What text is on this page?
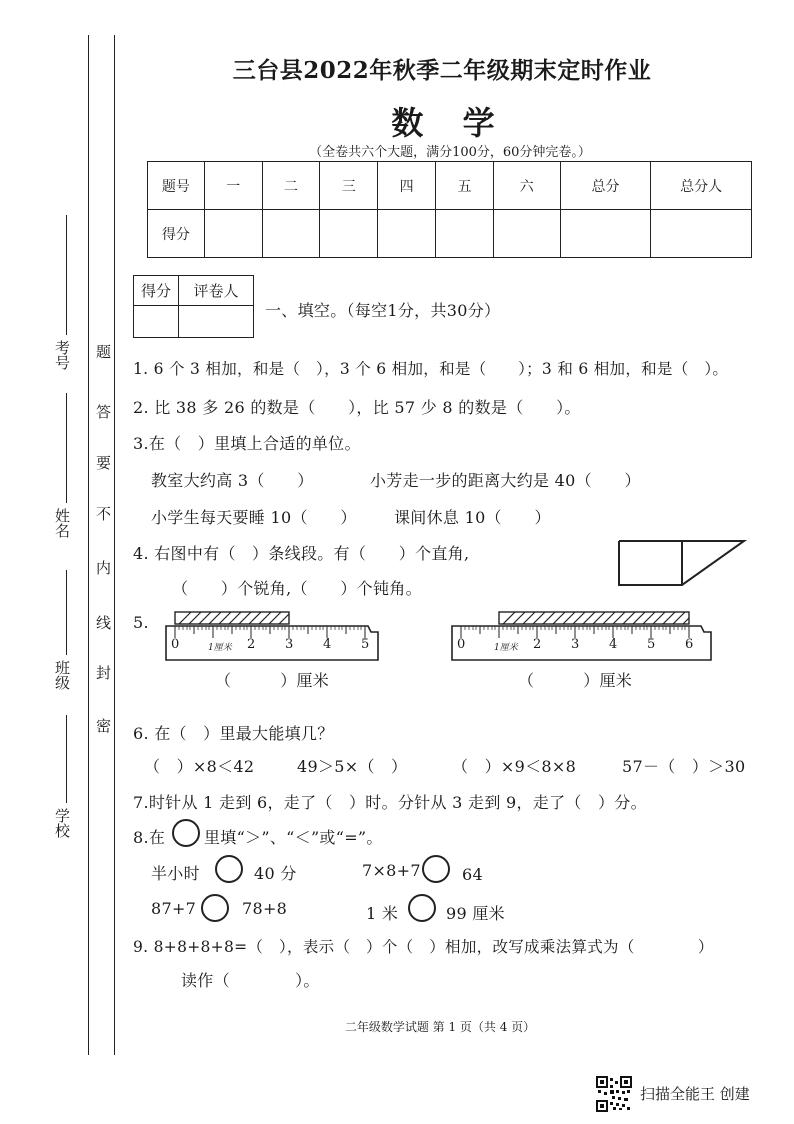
考号
姓名
班级
学校
题
答
要
不
内
线
封
密
三台县2022年秋季二年级期末定时作业
数 学
（全卷共六个大题，满分100分，60分钟完卷。）
题号	一	二	三	四	五	六	总分	总分人
得分								
得分	评卷人

一、填空。（每空1分，共30分）
1. 6 个 3 相加，和是（　），3 个 6 相加，和是（　　）；3 和 6 相加，和是（　）。
2. 比 38 多 26 的数是（　　），比 57 少 8 的数是（　　）。
3.在（　）里填上合适的单位。
教室大约高 3（　　）	小芳走一步的距离大约是 40（　　）
小学生每天要睡 10（　　） 课间休息 10（　　）
4. 右图中有（　）条线段。有（　　）个直角,
（　　）个锐角,（　　）个钝角。
5.
0	1厘米 2 3 4 5	0	1厘米 2 3 4 5 6
（　　　）厘米	（　　　）厘米
6. 在（　）里最大能填几？
（　）×8＜42	49＞5×（　）	（　）×9＜8×8	57－（　）＞30
7.时针从 1 走到 6，走了（　）时。分针从 3 走到 9，走了（　）分。
8.在 里填“＞”、“＜”或“=”。
半小时	40 分	7×8+7	64
87+7	78+8	1 米	99 厘米
9. 8+8+8+8=（　），表示（　）个（　）相加，改写成乘法算式为（　　　　）
读作（　　　　）。
二年级数学试题 第 1 页（共 4 页）
扫描全能王 创建
